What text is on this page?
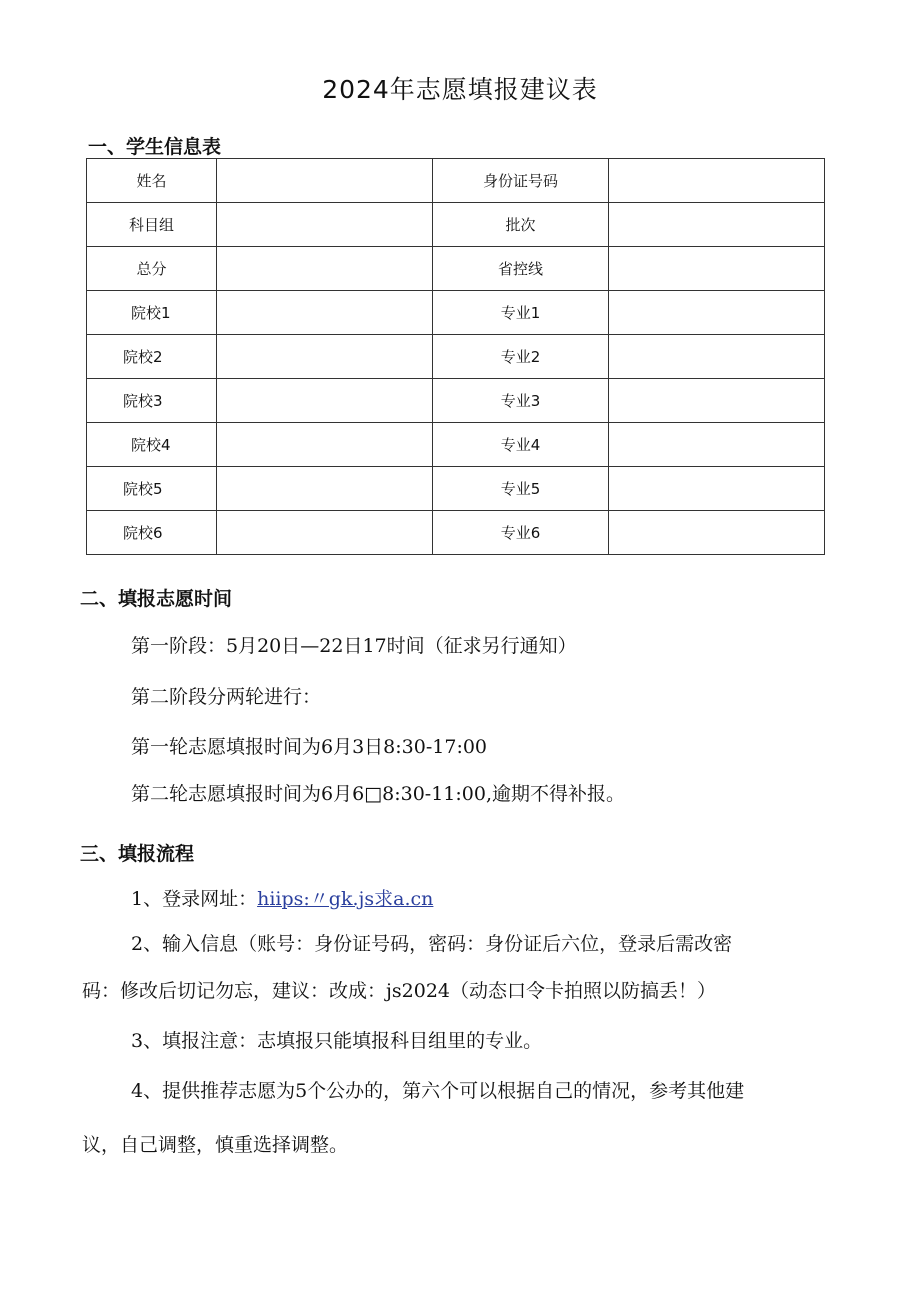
2024年志愿填报建议表
一、学生信息表
姓名		身份证号码	
科目组		批次	
总分		省控线	
院校1		专业1	
院校2		专业2	
院校3		专业3	
院校4		专业4	
院校5		专业5	
院校6		专业6	
二、填报志愿时间
第一阶段：5月20日—22日17时间（征求另行通知）
第二阶段分两轮进行：
第一轮志愿填报时间为6月3日8:30-17:00
第二轮志愿填报时间为6月6□8:30-11:00,逾期不得补报。
三、填报流程
1、登录网址：hiips:〃gk.js求a.cn
2、输入信息（账号：身份证号码，密码：身份证后六位，登录后需改密
码：修改后切记勿忘，建议：改成：js2024（动态口令卡拍照以防搞丢！）
3、填报注意：志填报只能填报科目组里的专业。
4、提供推荐志愿为5个公办的，第六个可以根据自己的情况，参考其他建
议，自己调整，慎重选择调整。
